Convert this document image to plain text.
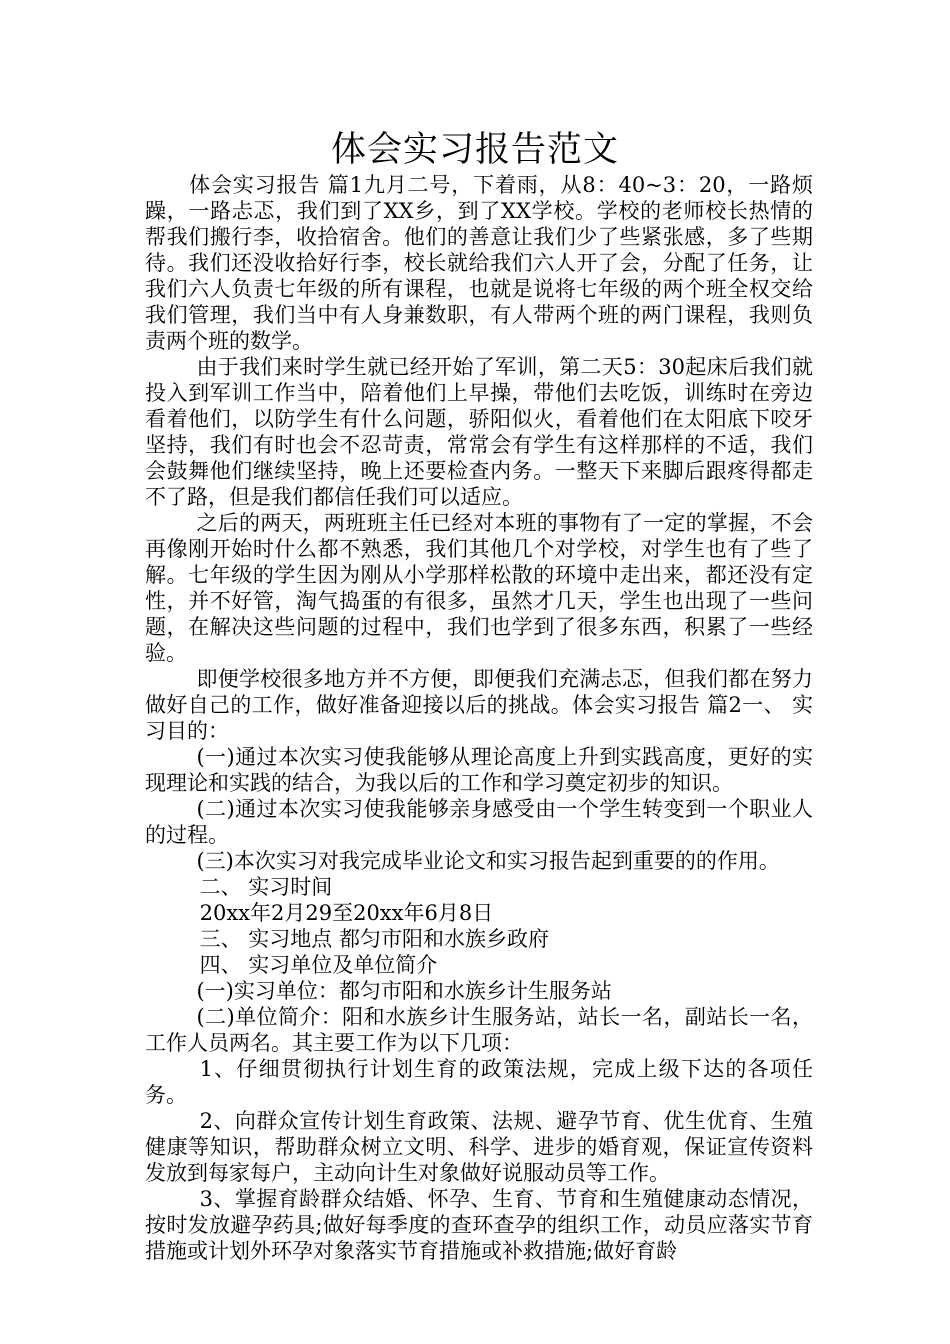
体会实习报告范文

体会实习报告 篇1九月二号，下着雨，从8：40~3：20，一路烦躁，一路忐忑，我们到了XX乡，到了XX学校。学校的老师校长热情的帮我们搬行李，收拾宿舍。他们的善意让我们少了些紧张感，多了些期待。我们还没收拾好行李，校长就给我们六人开了会，分配了任务，让我们六人负责七年级的所有课程，也就是说将七年级的两个班全权交给我们管理，我们当中有人身兼数职，有人带两个班的两门课程，我则负责两个班的数学。

由于我们来时学生就已经开始了军训，第二天5：30起床后我们就投入到军训工作当中，陪着他们上早操，带他们去吃饭，训练时在旁边看着他们，以防学生有什么问题，骄阳似火，看着他们在太阳底下咬牙坚持，我们有时也会不忍苛责，常常会有学生有这样那样的不适，我们会鼓舞他们继续坚持，晚上还要检查内务。一整天下来脚后跟疼得都走不了路，但是我们都信任我们可以适应。

之后的两天，两班班主任已经对本班的事物有了一定的掌握，不会再像刚开始时什么都不熟悉，我们其他几个对学校，对学生也有了些了解。七年级的学生因为刚从小学那样松散的环境中走出来，都还没有定性，并不好管，淘气捣蛋的有很多，虽然才几天，学生也出现了一些问题，在解决这些问题的过程中，我们也学到了很多东西，积累了一些经验。

即便学校很多地方并不方便，即便我们充满忐忑，但我们都在努力做好自己的工作，做好准备迎接以后的挑战。体会实习报告 篇2一、 实习目的：

(一)通过本次实习使我能够从理论高度上升到实践高度，更好的实现理论和实践的结合，为我以后的工作和学习奠定初步的知识。

(二)通过本次实习使我能够亲身感受由一个学生转变到一个职业人的过程。

(三)本次实习对我完成毕业论文和实习报告起到重要的的作用。

二、 实习时间

20xx年2月29至20xx年6月8日

三、 实习地点 都匀市阳和水族乡政府

四、 实习单位及单位简介

(一)实习单位：都匀市阳和水族乡计生服务站

(二)单位简介：阳和水族乡计生服务站，站长一名，副站长一名，工作人员两名。其主要工作为以下几项：

1、仔细贯彻执行计划生育的政策法规，完成上级下达的各项任务。

2、向群众宣传计划生育政策、法规、避孕节育、优生优育、生殖健康等知识，帮助群众树立文明、科学、进步的婚育观，保证宣传资料发放到每家每户，主动向计生对象做好说服动员等工作。

3、掌握育龄群众结婚、怀孕、生育、节育和生殖健康动态情况，按时发放避孕药具;做好每季度的查环查孕的组织工作，动员应落实节育措施或计划外环孕对象落实节育措施或补救措施;做好育龄
